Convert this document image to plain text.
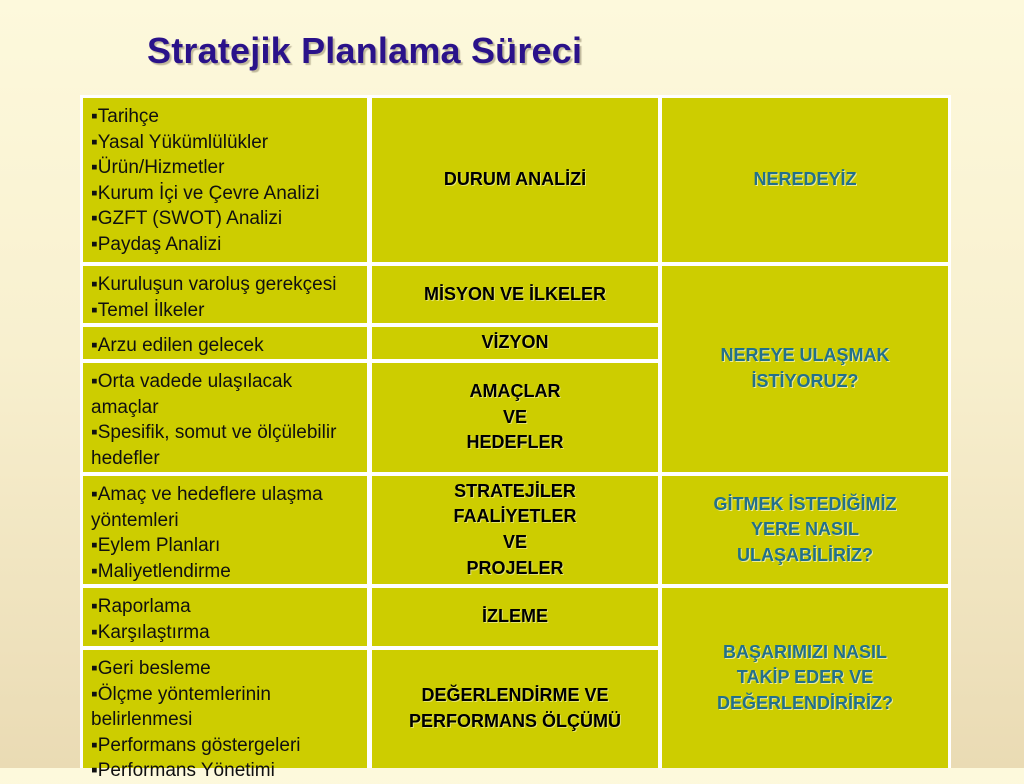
Stratejik Planlama Süreci
▪Tarihçe
▪Yasal Yükümlülükler
▪Ürün/Hizmetler
▪Kurum İçi ve Çevre Analizi
▪GZFT (SWOT) Analizi
▪Paydaş Analizi
DURUM ANALİZİ
▪Kuruluşun varoluş gerekçesi
▪Temel İlkeler
MİSYON VE İLKELER
▪Arzu edilen gelecek	VİZYON
▪Orta vadede ulaşılacak amaçlar
▪Spesifik, somut ve ölçülebilir hedefler
AMAÇLAR
VE
HEDEFLER
▪Amaç ve hedeflere ulaşma yöntemleri
▪Eylem Planları
▪Maliyetlendirme
STRATEJİLER
FAALİYETLER
VE
PROJELER
▪Raporlama
▪Karşılaştırma
İZLEME
▪Geri besleme
▪Ölçme yöntemlerinin belirlenmesi
▪Performans göstergeleri
▪Performans Yönetimi
DEĞERLENDİRME VE
PERFORMANS ÖLÇÜMÜ
NEREDEYİZ
NEREYE ULAŞMAK
İSTİYORUZ?
GİTMEK İSTEDİĞİMİZ
YERE NASIL
ULAŞABİLİRİZ?
BAŞARIMIZI NASIL
TAKİP EDER VE
DEĞERLENDİRİRİZ?
